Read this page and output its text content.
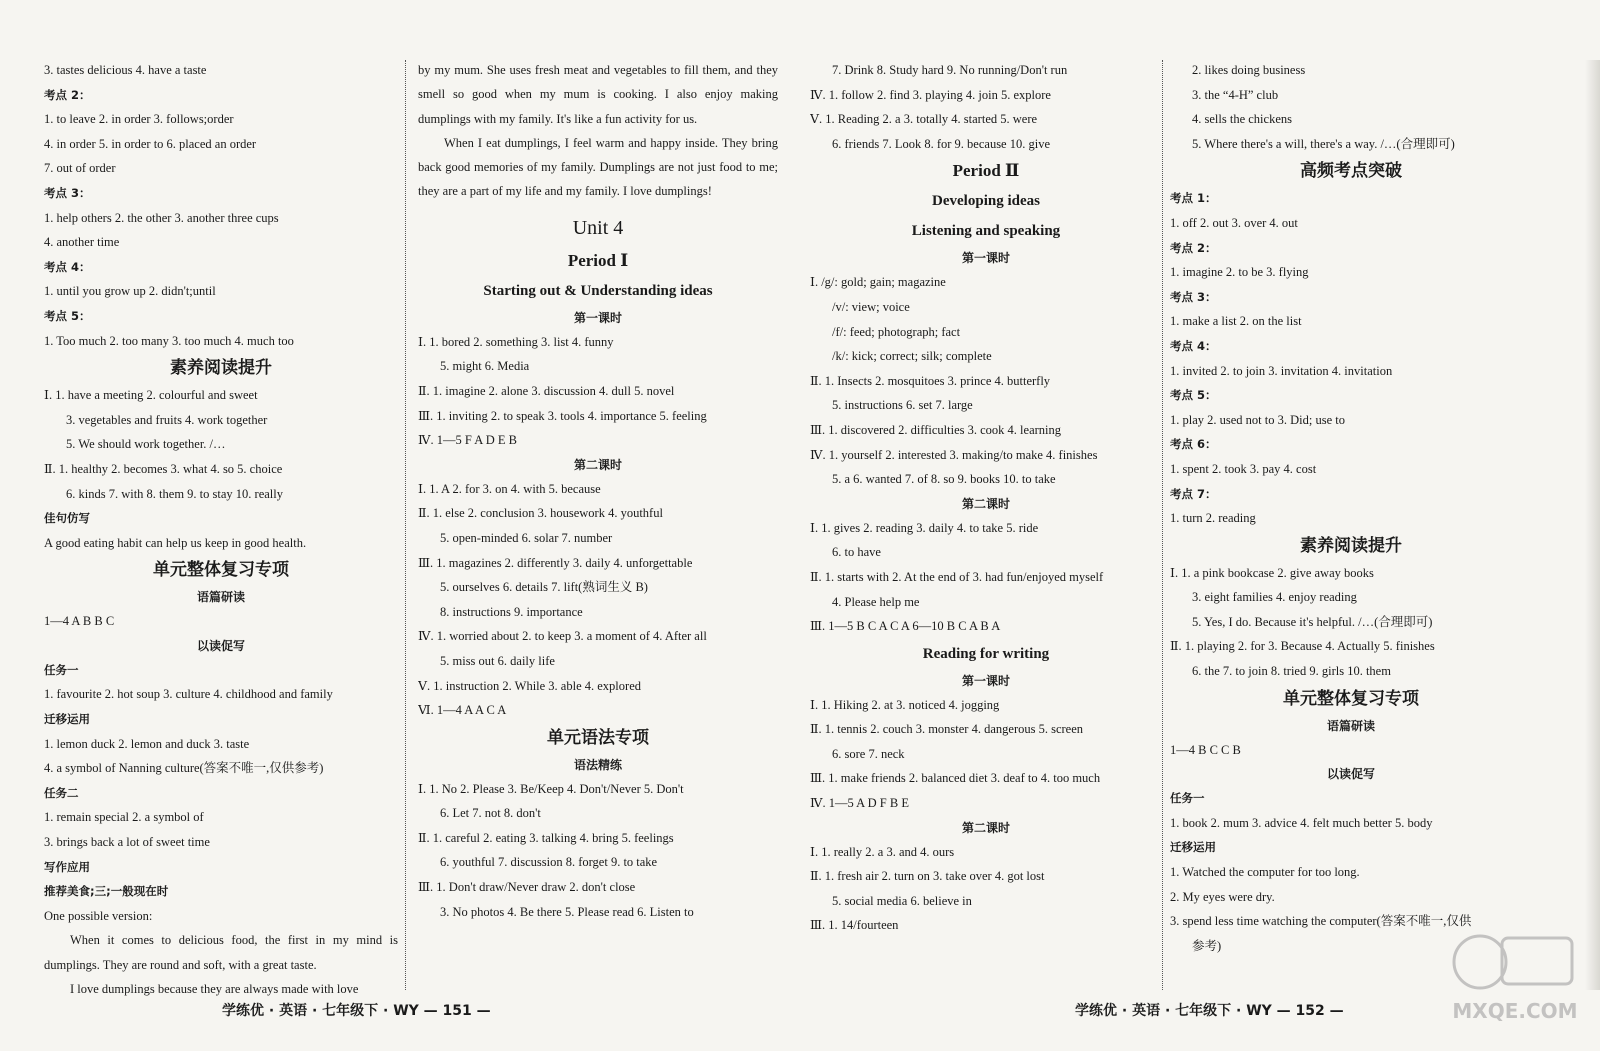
3. tastes delicious 4. have a taste
考点 2：
1. to leave 2. in order 3. follows;order
4. in order 5. in order to 6. placed an order
7. out of order
考点 3：
1. help others 2. the other 3. another three cups
4. another time
考点 4：
1. until you grow up 2. didn't;until
考点 5：
1. Too much 2. too many 3. too much 4. much too
素养阅读提升
Ⅰ. 1. have a meeting 2. colourful and sweet
3. vegetables and fruits 4. work together
5. We should work together. /…
Ⅱ. 1. healthy 2. becomes 3. what 4. so 5. choice
6. kinds 7. with 8. them 9. to stay 10. really
佳句仿写
A good eating habit can help us keep in good health.
单元整体复习专项
语篇研读
1—4 A B B C
以读促写
任务一
1. favourite 2. hot soup 3. culture 4. childhood and family
迁移运用
1. lemon duck 2. lemon and duck 3. taste
4. a symbol of Nanning culture(答案不唯一,仅供参考)
任务二
1. remain special 2. a symbol of
3. brings back a lot of sweet time
写作应用
推荐美食;三;一般现在时
One possible version:

When it comes to delicious food, the first in my mind is dumplings. They are round and soft, with a great taste.

I love dumplings because they are always made with love

by my mum. She uses fresh meat and vegetables to fill them, and they smell so good when my mum is cooking. I also enjoy making dumplings with my family. It's like a fun activity for us.

When I eat dumplings, I feel warm and happy inside. They bring back good memories of my family. Dumplings are not just food to me; they are a part of my life and my family. I love dumplings!

Unit 4
Period Ⅰ
Starting out & Understanding ideas
第一课时
Ⅰ. 1. bored 2. something 3. list 4. funny
5. might 6. Media
Ⅱ. 1. imagine 2. alone 3. discussion 4. dull 5. novel
Ⅲ. 1. inviting 2. to speak 3. tools 4. importance 5. feeling
Ⅳ. 1—5 F A D E B
第二课时
Ⅰ. 1. A 2. for 3. on 4. with 5. because
Ⅱ. 1. else 2. conclusion 3. housework 4. youthful
5. open-minded 6. solar 7. number
Ⅲ. 1. magazines 2. differently 3. daily 4. unforgettable
5. ourselves 6. details 7. lift(熟词生义 B)
8. instructions 9. importance
Ⅳ. 1. worried about 2. to keep 3. a moment of 4. After all
5. miss out 6. daily life
Ⅴ. 1. instruction 2. While 3. able 4. explored
Ⅵ. 1—4 A A C A
单元语法专项
语法精练
Ⅰ. 1. No 2. Please 3. Be/Keep 4. Don't/Never 5. Don't
6. Let 7. not 8. don't
Ⅱ. 1. careful 2. eating 3. talking 4. bring 5. feelings
6. youthful 7. discussion 8. forget 9. to take
Ⅲ. 1. Don't draw/Never draw 2. don't close
3. No photos 4. Be there 5. Please read 6. Listen to
7. Drink 8. Study hard 9. No running/Don't run
Ⅳ. 1. follow 2. find 3. playing 4. join 5. explore
Ⅴ. 1. Reading 2. a 3. totally 4. started 5. were
6. friends 7. Look 8. for 9. because 10. give
Period Ⅱ
Developing ideas
Listening and speaking
第一课时
Ⅰ. /g/: gold; gain; magazine
/v/: view; voice
/f/: feed; photograph; fact
/k/: kick; correct; silk; complete
Ⅱ. 1. Insects 2. mosquitoes 3. prince 4. butterfly
5. instructions 6. set 7. large
Ⅲ. 1. discovered 2. difficulties 3. cook 4. learning
Ⅳ. 1. yourself 2. interested 3. making/to make 4. finishes
5. a 6. wanted 7. of 8. so 9. books 10. to take
第二课时
Ⅰ. 1. gives 2. reading 3. daily 4. to take 5. ride
6. to have
Ⅱ. 1. starts with 2. At the end of 3. had fun/enjoyed myself
4. Please help me
Ⅲ. 1—5 B C A C A 6—10 B C A B A
Reading for writing
第一课时
Ⅰ. 1. Hiking 2. at 3. noticed 4. jogging
Ⅱ. 1. tennis 2. couch 3. monster 4. dangerous 5. screen
6. sore 7. neck
Ⅲ. 1. make friends 2. balanced diet 3. deaf to 4. too much
Ⅳ. 1—5 A D F B E
第二课时
Ⅰ. 1. really 2. a 3. and 4. ours
Ⅱ. 1. fresh air 2. turn on 3. take over 4. got lost
5. social media 6. believe in
Ⅲ. 1. 14/fourteen
2. likes doing business
3. the “4-H” club
4. sells the chickens
5. Where there's a will, there's a way. /…(合理即可)
高频考点突破
考点 1：
1. off 2. out 3. over 4. out
考点 2：
1. imagine 2. to be 3. flying
考点 3：
1. make a list 2. on the list
考点 4：
1. invited 2. to join 3. invitation 4. invitation
考点 5：
1. play 2. used not to 3. Did; use to
考点 6：
1. spent 2. took 3. pay 4. cost
考点 7：
1. turn 2. reading
素养阅读提升
Ⅰ. 1. a pink bookcase 2. give away books
3. eight families 4. enjoy reading
5. Yes, I do. Because it's helpful. /…(合理即可)
Ⅱ. 1. playing 2. for 3. Because 4. Actually 5. finishes
6. the 7. to join 8. tried 9. girls 10. them
单元整体复习专项
语篇研读
1—4 B C C B
以读促写
任务一
1. book 2. mum 3. advice 4. felt much better 5. body
迁移运用
1. Watched the computer for too long.
2. My eyes were dry.
3. spend less time watching the computer(答案不唯一,仅供
参考)
学练优 · 英语 · 七年级下 · WY — 151 —	学练优 · 英语 · 七年级下 · WY — 152 —	MXQE.COM
